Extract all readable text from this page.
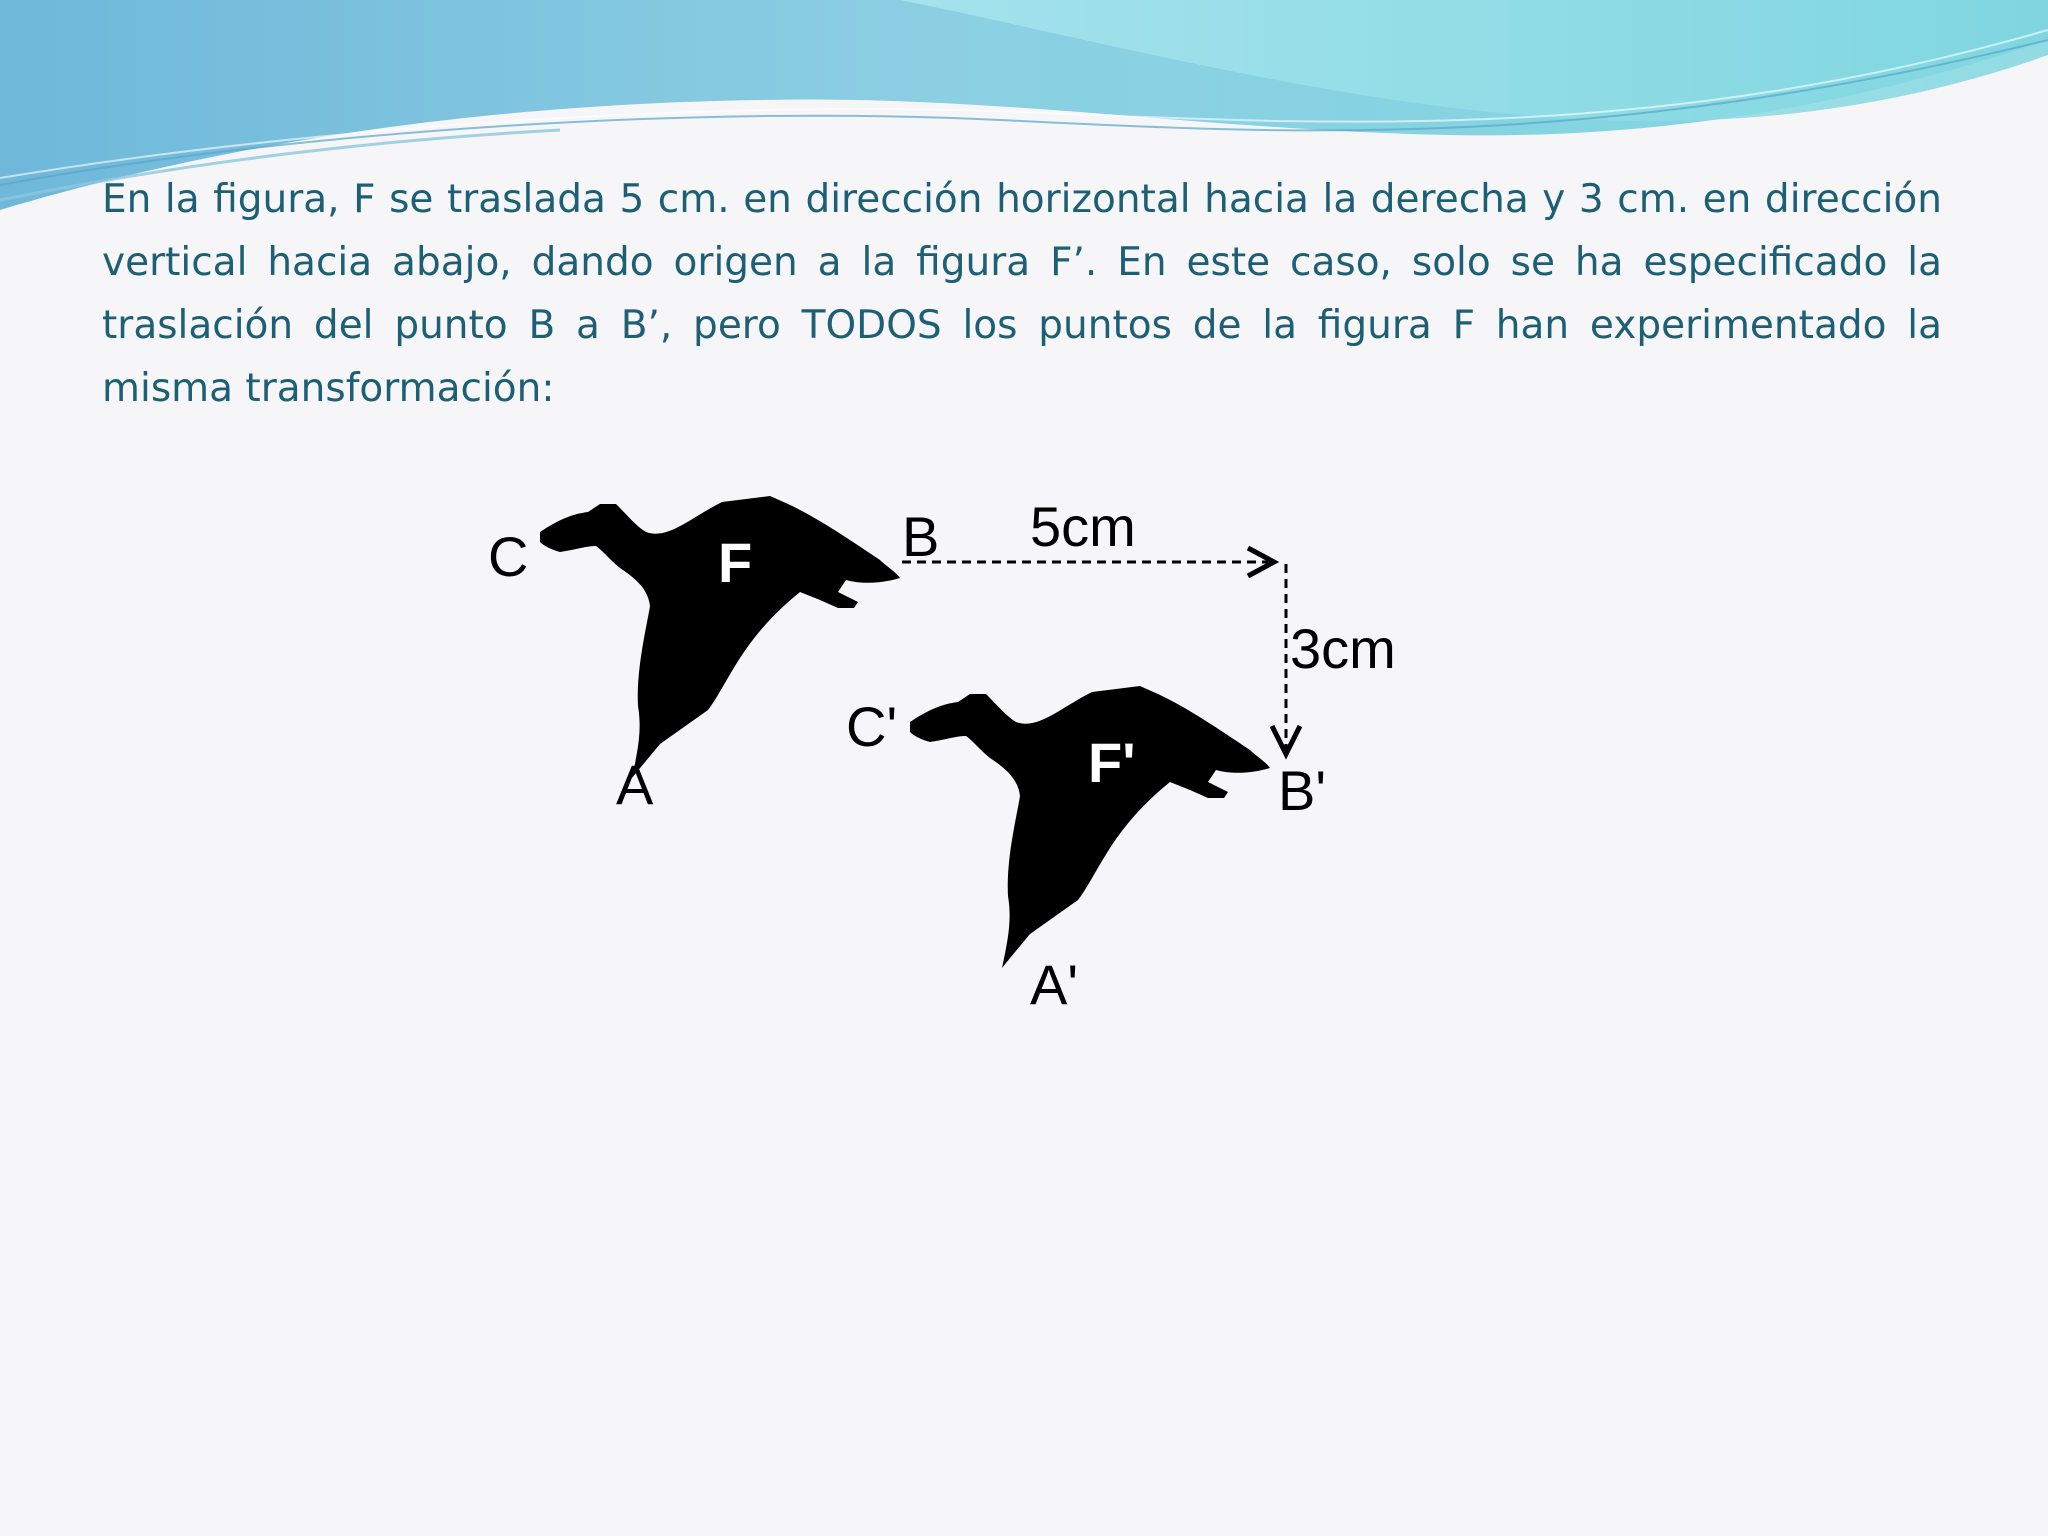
En la figura, F se traslada 5 cm. en dirección horizontal hacia la derecha y 3 cm. en dirección vertical hacia abajo, dando origen a la figura F’. En este caso, solo se ha especificado la traslación del punto B a B’, pero TODOS los puntos de la figura F han experimentado la misma transformación:

C	F	B
A
5cm
3cm
C'
F'	B'
A'
